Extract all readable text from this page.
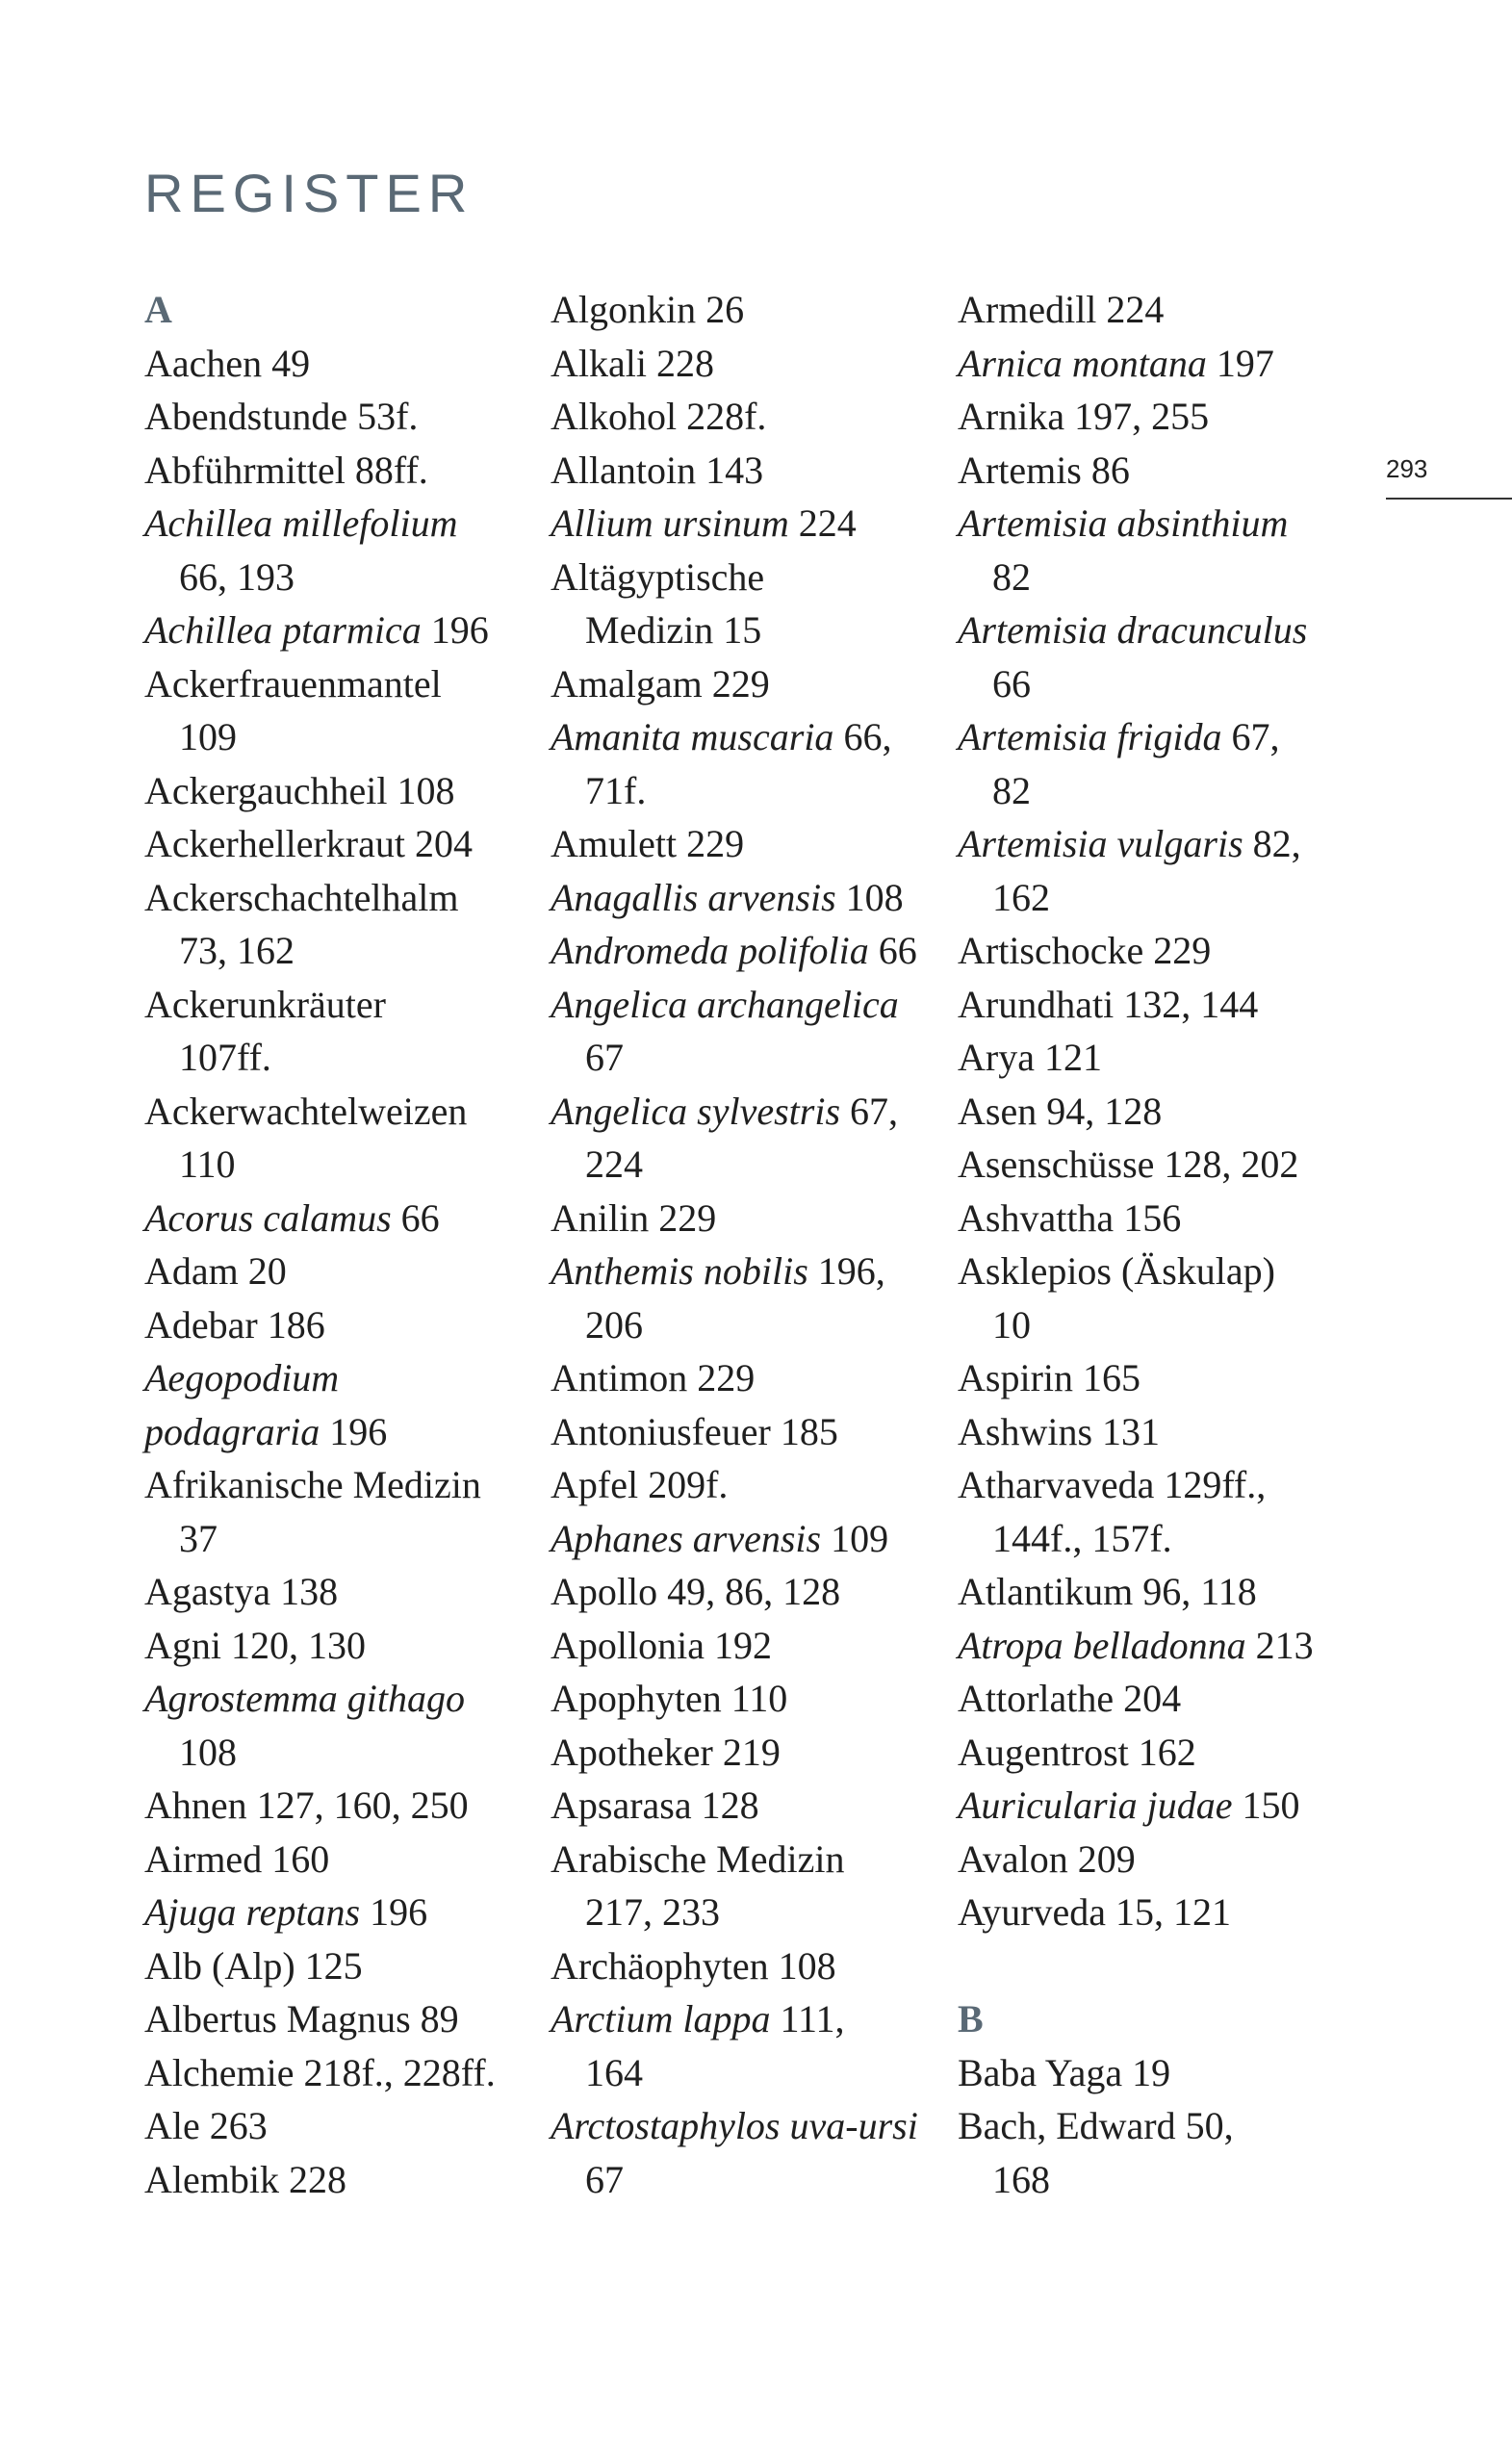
REGISTER
293
A
Aachen 49
Abendstunde 53f.
Abführmittel 88ff.
Achillea millefolium
66, 193
Achillea ptarmica 196
Ackerfrauenmantel
109
Ackergauchheil 108
Ackerhellerkraut 204
Ackerschachtelhalm
73, 162
Ackerunkräuter
107ff.
Ackerwachtelweizen
110
Acorus calamus 66
Adam 20
Adebar 186
Aegopodium
podagraria 196
Afrikanische Medizin
37
Agastya 138
Agni 120, 130
Agrostemma githago
108
Ahnen 127, 160, 250
Airmed 160
Ajuga reptans 196
Alb (Alp) 125
Albertus Magnus 89
Alchemie 218f., 228ff.
Ale 263
Alembik 228
Algonkin 26
Alkali 228
Alkohol 228f.
Allantoin 143
Allium ursinum 224
Altägyptische
Medizin 15
Amalgam 229
Amanita muscaria 66,
71f.
Amulett 229
Anagallis arvensis 108
Andromeda polifolia 66
Angelica archangelica
67
Angelica sylvestris 67,
224
Anilin 229
Anthemis nobilis 196,
206
Antimon 229
Antoniusfeuer 185
Apfel 209f.
Aphanes arvensis 109
Apollo 49, 86, 128
Apollonia 192
Apophyten 110
Apotheker 219
Apsarasa 128
Arabische Medizin
217, 233
Archäophyten 108
Arctium lappa 111,
164
Arctostaphylos uva-ursi
67
Armedill 224
Arnica montana 197
Arnika 197, 255
Artemis 86
Artemisia absinthium
82
Artemisia dracunculus
66
Artemisia frigida 67,
82
Artemisia vulgaris 82,
162
Artischocke 229
Arundhati 132, 144
Arya 121
Asen 94, 128
Asenschüsse 128, 202
Ashvattha 156
Asklepios (Äskulap)
10
Aspirin 165
Ashwins 131
Atharvaveda 129ff.,
144f., 157f.
Atlantikum 96, 118
Atropa belladonna 213
Attorlathe 204
Augentrost 162
Auricularia judae 150
Avalon 209
Ayurveda 15, 121
B
Baba Yaga 19
Bach, Edward 50,
168
